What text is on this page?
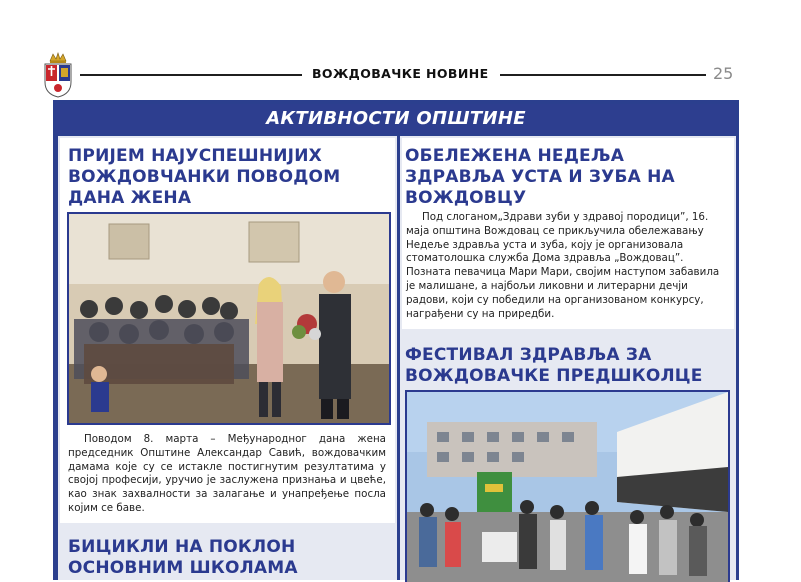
ВОЖДОВАЧКЕ НОВИНЕ	25
АКТИВНОСТИ ОПШТИНЕ
ПРИЈЕМ НАЈУСПЕШНИЈИХ ВОЖДОВЧАНКИ ПОВОДОМ ДАНА ЖЕНА

Поводом 8. марта – Међународног дана жена председник Општине Александар Савић, вождовачким дамама које су се истакле постигнутим резултатима у својој професији, уручио је заслужена признања и цвеће, као знак захвалности за залагање и унапређење посла којим се баве.

БИЦИКЛИ НА ПОКЛОН ОСНОВНИМ ШКОЛАМА
ОБЕЛЕЖЕНА НЕДЕЉА ЗДРАВЉА УСТА И ЗУБА НА ВОЖДОВЦУ

Под слоганом„Здрави зуби у здравој породици”, 16. маја општина Вождовац се прикључила обележавању Недеље здравља уста и зуба, коју је организовала стоматолошка служба Дома здравља „Вождовац”. Позната певачица Мари Мари, својим наступом забавила је малишане, а најбољи ликовни и литерарни дечји радови, који су победили на организованом конкурсу, награђени су на приредби.

ФЕСТИВАЛ ЗДРАВЉА ЗА ВОЖДОВАЧКЕ ПРЕДШКОЛЦЕ
